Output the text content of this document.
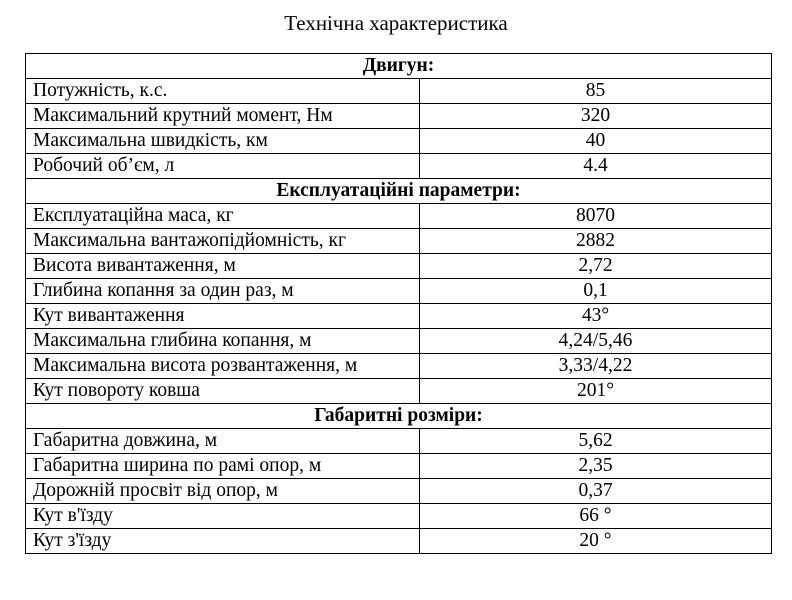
Технічна характеристика
Двигун:	
Потужність, к.с.	85
Максимальний крутний момент, Нм	320
Максимальна швидкість, км	40
Робочий об’єм, л	4.4
Експлуатаційні параметри:	
Експлуатаційна маса, кг	8070
Максимальна вантажопідйомність, кг	2882
Висота вивантаження, м	2,72
Глибина копання за один раз, м	0,1
Кут вивантаження	43°
Максимальна глибина копання, м	4,24/5,46
Максимальна висота розвантаження, м	3,33/4,22
Кут повороту ковша	201°
Габаритні розміри:	
Габаритна довжина, м	5,62
Габаритна ширина по рамі опор, м	2,35
Дорожній просвіт від опор, м	0,37
Кут в'їзду	66 °
Кут з'їзду	20 °
